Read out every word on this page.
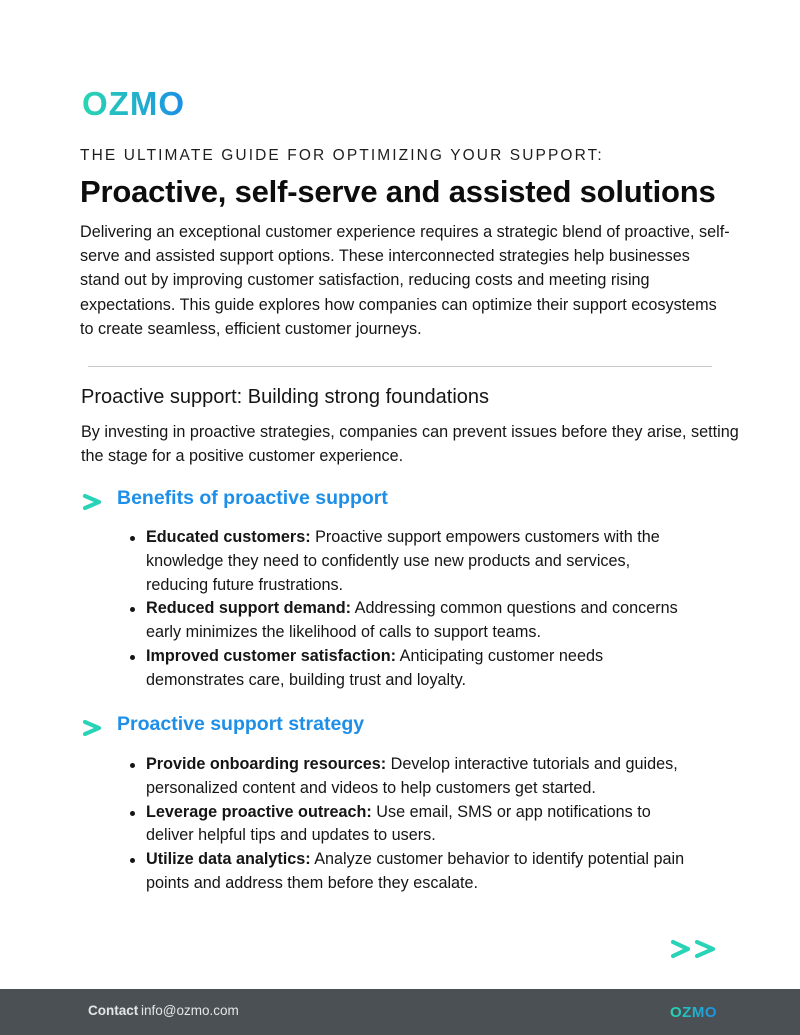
OZMO
THE ULTIMATE GUIDE FOR OPTIMIZING YOUR SUPPORT:
Proactive, self-serve and assisted solutions

Delivering an exceptional customer experience requires a strategic blend of proactive, self-serve and assisted support options. These interconnected strategies help businesses stand out by improving customer satisfaction, reducing costs and meeting rising expectations. This guide explores how companies can optimize their support ecosystems to create seamless, efficient customer journeys.

Proactive support: Building strong foundations

By investing in proactive strategies, companies can prevent issues before they arise, setting the stage for a positive customer experience.

Benefits of proactive support
Educated customers: Proactive support empowers customers with the knowledge they need to confidently use new products and services, reducing future frustrations.
Reduced support demand: Addressing common questions and concerns early minimizes the likelihood of calls to support teams.
Improved customer satisfaction: Anticipating customer needs demonstrates care, building trust and loyalty.
Proactive support strategy
Provide onboarding resources: Develop interactive tutorials and guides, personalized content and videos to help customers get started.
Leverage proactive outreach: Use email, SMS or app notifications to deliver helpful tips and updates to users.
Utilize data analytics: Analyze customer behavior to identify potential pain points and address them before they escalate.
Contact info@ozmo.com	OZMO
